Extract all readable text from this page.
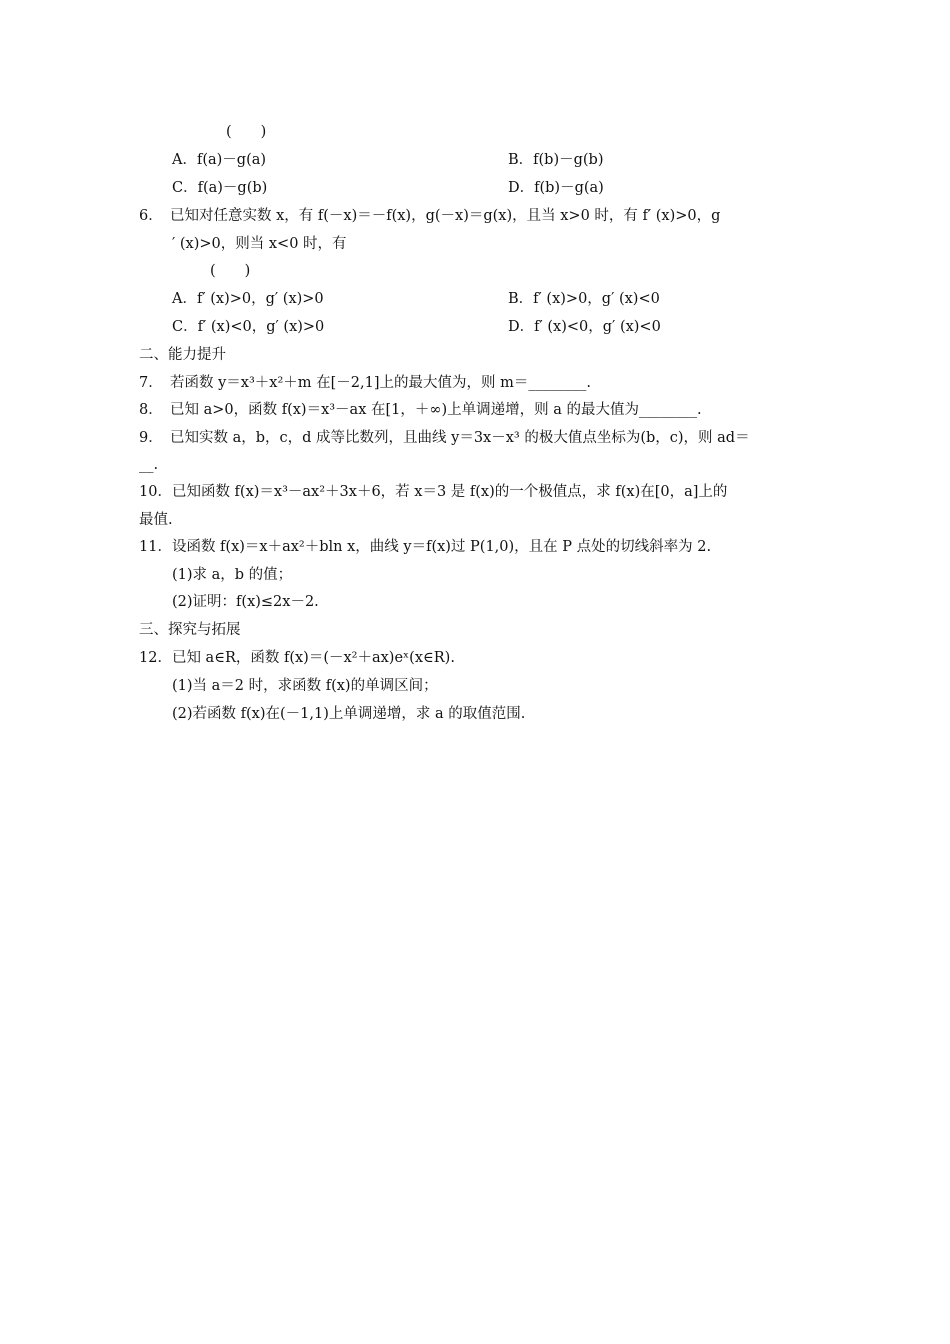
(　　)
A．f(a)－g(a)	B．f(b)－g(b)
C．f(a)－g(b)	D．f(b)－g(a)
6．　已知对任意实数 x，有 f(－x)＝－f(x)，g(－x)＝g(x)，且当 x>0 时，有 f′ (x)>0，g
′ (x)>0，则当 x<0 时，有
(　　)
A．f′ (x)>0，g′ (x)>0	B．f′ (x)>0，g′ (x)<0
C．f′ (x)<0，g′ (x)>0	D．f′ (x)<0，g′ (x)<0
二、能力提升
7．　若函数 y＝x³＋x²＋m 在[－2,1]上的最大值为，则 m＝________.
8．　已知 a>0，函数 f(x)＝x³－ax 在[1，＋∞)上单调递增，则 a 的最大值为________.
9．　已知实数 a，b，c，d 成等比数列，且曲线 y＝3x－x³ 的极大值点坐标为(b，c)，则 ad＝
__.
10．已知函数 f(x)＝x³－ax²＋3x＋6，若 x＝3 是 f(x)的一个极值点，求 f(x)在[0，a]上的
最值.
11．设函数 f(x)＝x＋ax²＋bln x，曲线 y＝f(x)过 P(1,0)，且在 P 点处的切线斜率为 2.
(1)求 a，b 的值；
(2)证明：f(x)≤2x－2.
三、探究与拓展
12．已知 a∈R，函数 f(x)＝(－x²＋ax)eˣ(x∈R).
(1)当 a＝2 时，求函数 f(x)的单调区间；
(2)若函数 f(x)在(－1,1)上单调递增，求 a 的取值范围.
